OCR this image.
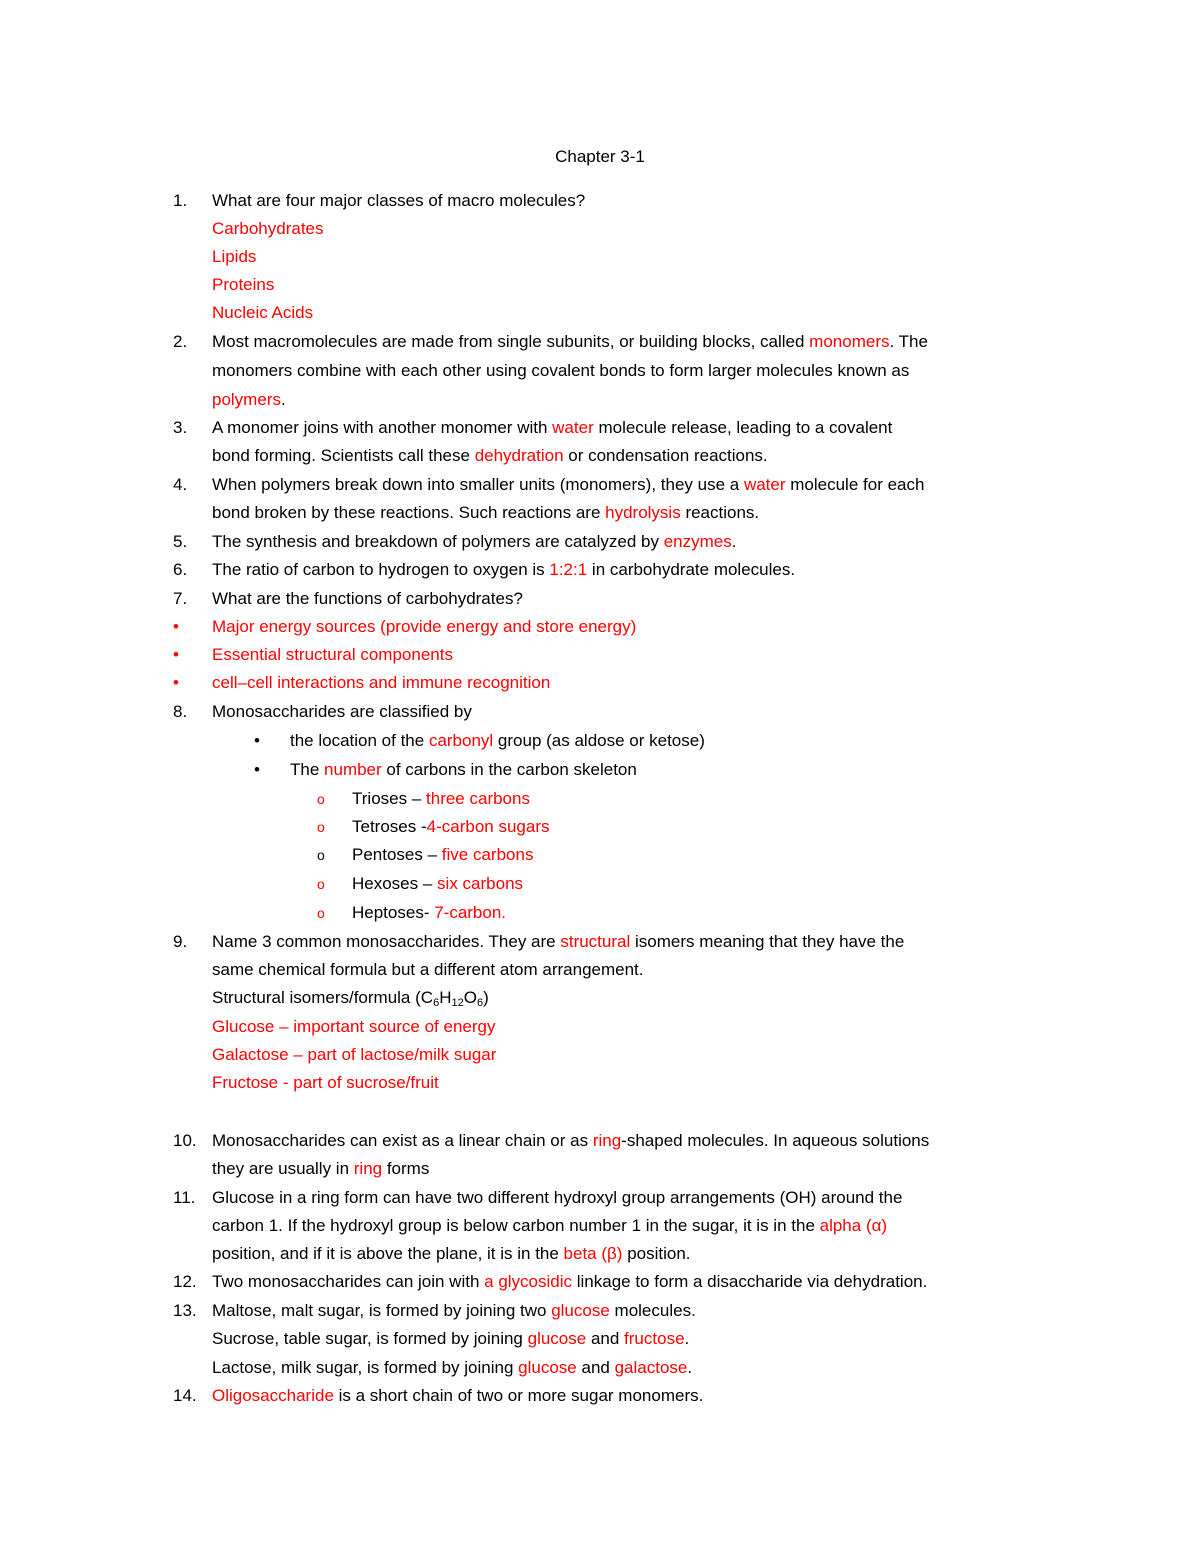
Chapter 3-1
1. What are four major classes of macro molecules?
Carbohydrates
Lipids
Proteins
Nucleic Acids
2. Most macromolecules are made from single subunits, or building blocks, called monomers. The
monomers combine with each other using covalent bonds to form larger molecules known as
polymers.
3. A monomer joins with another monomer with water molecule release, leading to a covalent
bond forming. Scientists call these dehydration or condensation reactions.
4. When polymers break down into smaller units (monomers), they use a water molecule for each
bond broken by these reactions. Such reactions are hydrolysis reactions.
5. The synthesis and breakdown of polymers are catalyzed by enzymes.
6. The ratio of carbon to hydrogen to oxygen is 1:2:1 in carbohydrate molecules.
7. What are the functions of carbohydrates?
• Major energy sources (provide energy and store energy)
• Essential structural components
• cell–cell interactions and immune recognition
8. Monosaccharides are classified by
• the location of the carbonyl group (as aldose or ketose)
• The number of carbons in the carbon skeleton
o Trioses – three carbons
o Tetroses -4-carbon sugars
o Pentoses – five carbons
o Hexoses – six carbons
o Heptoses- 7-carbon.
9. Name 3 common monosaccharides. They are structural isomers meaning that they have the
same chemical formula but a different atom arrangement.
Structural isomers/formula $(C_6H_{12}O_6)$
Glucose – important source of energy
Galactose – part of lactose/milk sugar
Fructose - part of sucrose/fruit
10. Monosaccharides can exist as a linear chain or as ring-shaped molecules. In aqueous solutions
they are usually in ring forms
11. Glucose in a ring form can have two different hydroxyl group arrangements (OH) around the
carbon 1. If the hydroxyl group is below carbon number 1 in the sugar, it is in the alpha (α)
position, and if it is above the plane, it is in the beta (β) position.
12. Two monosaccharides can join with a glycosidic linkage to form a disaccharide via dehydration.
13. Maltose, malt sugar, is formed by joining two glucose molecules.
Sucrose, table sugar, is formed by joining glucose and fructose.
Lactose, milk sugar, is formed by joining glucose and galactose.
14. Oligosaccharide is a short chain of two or more sugar monomers.
